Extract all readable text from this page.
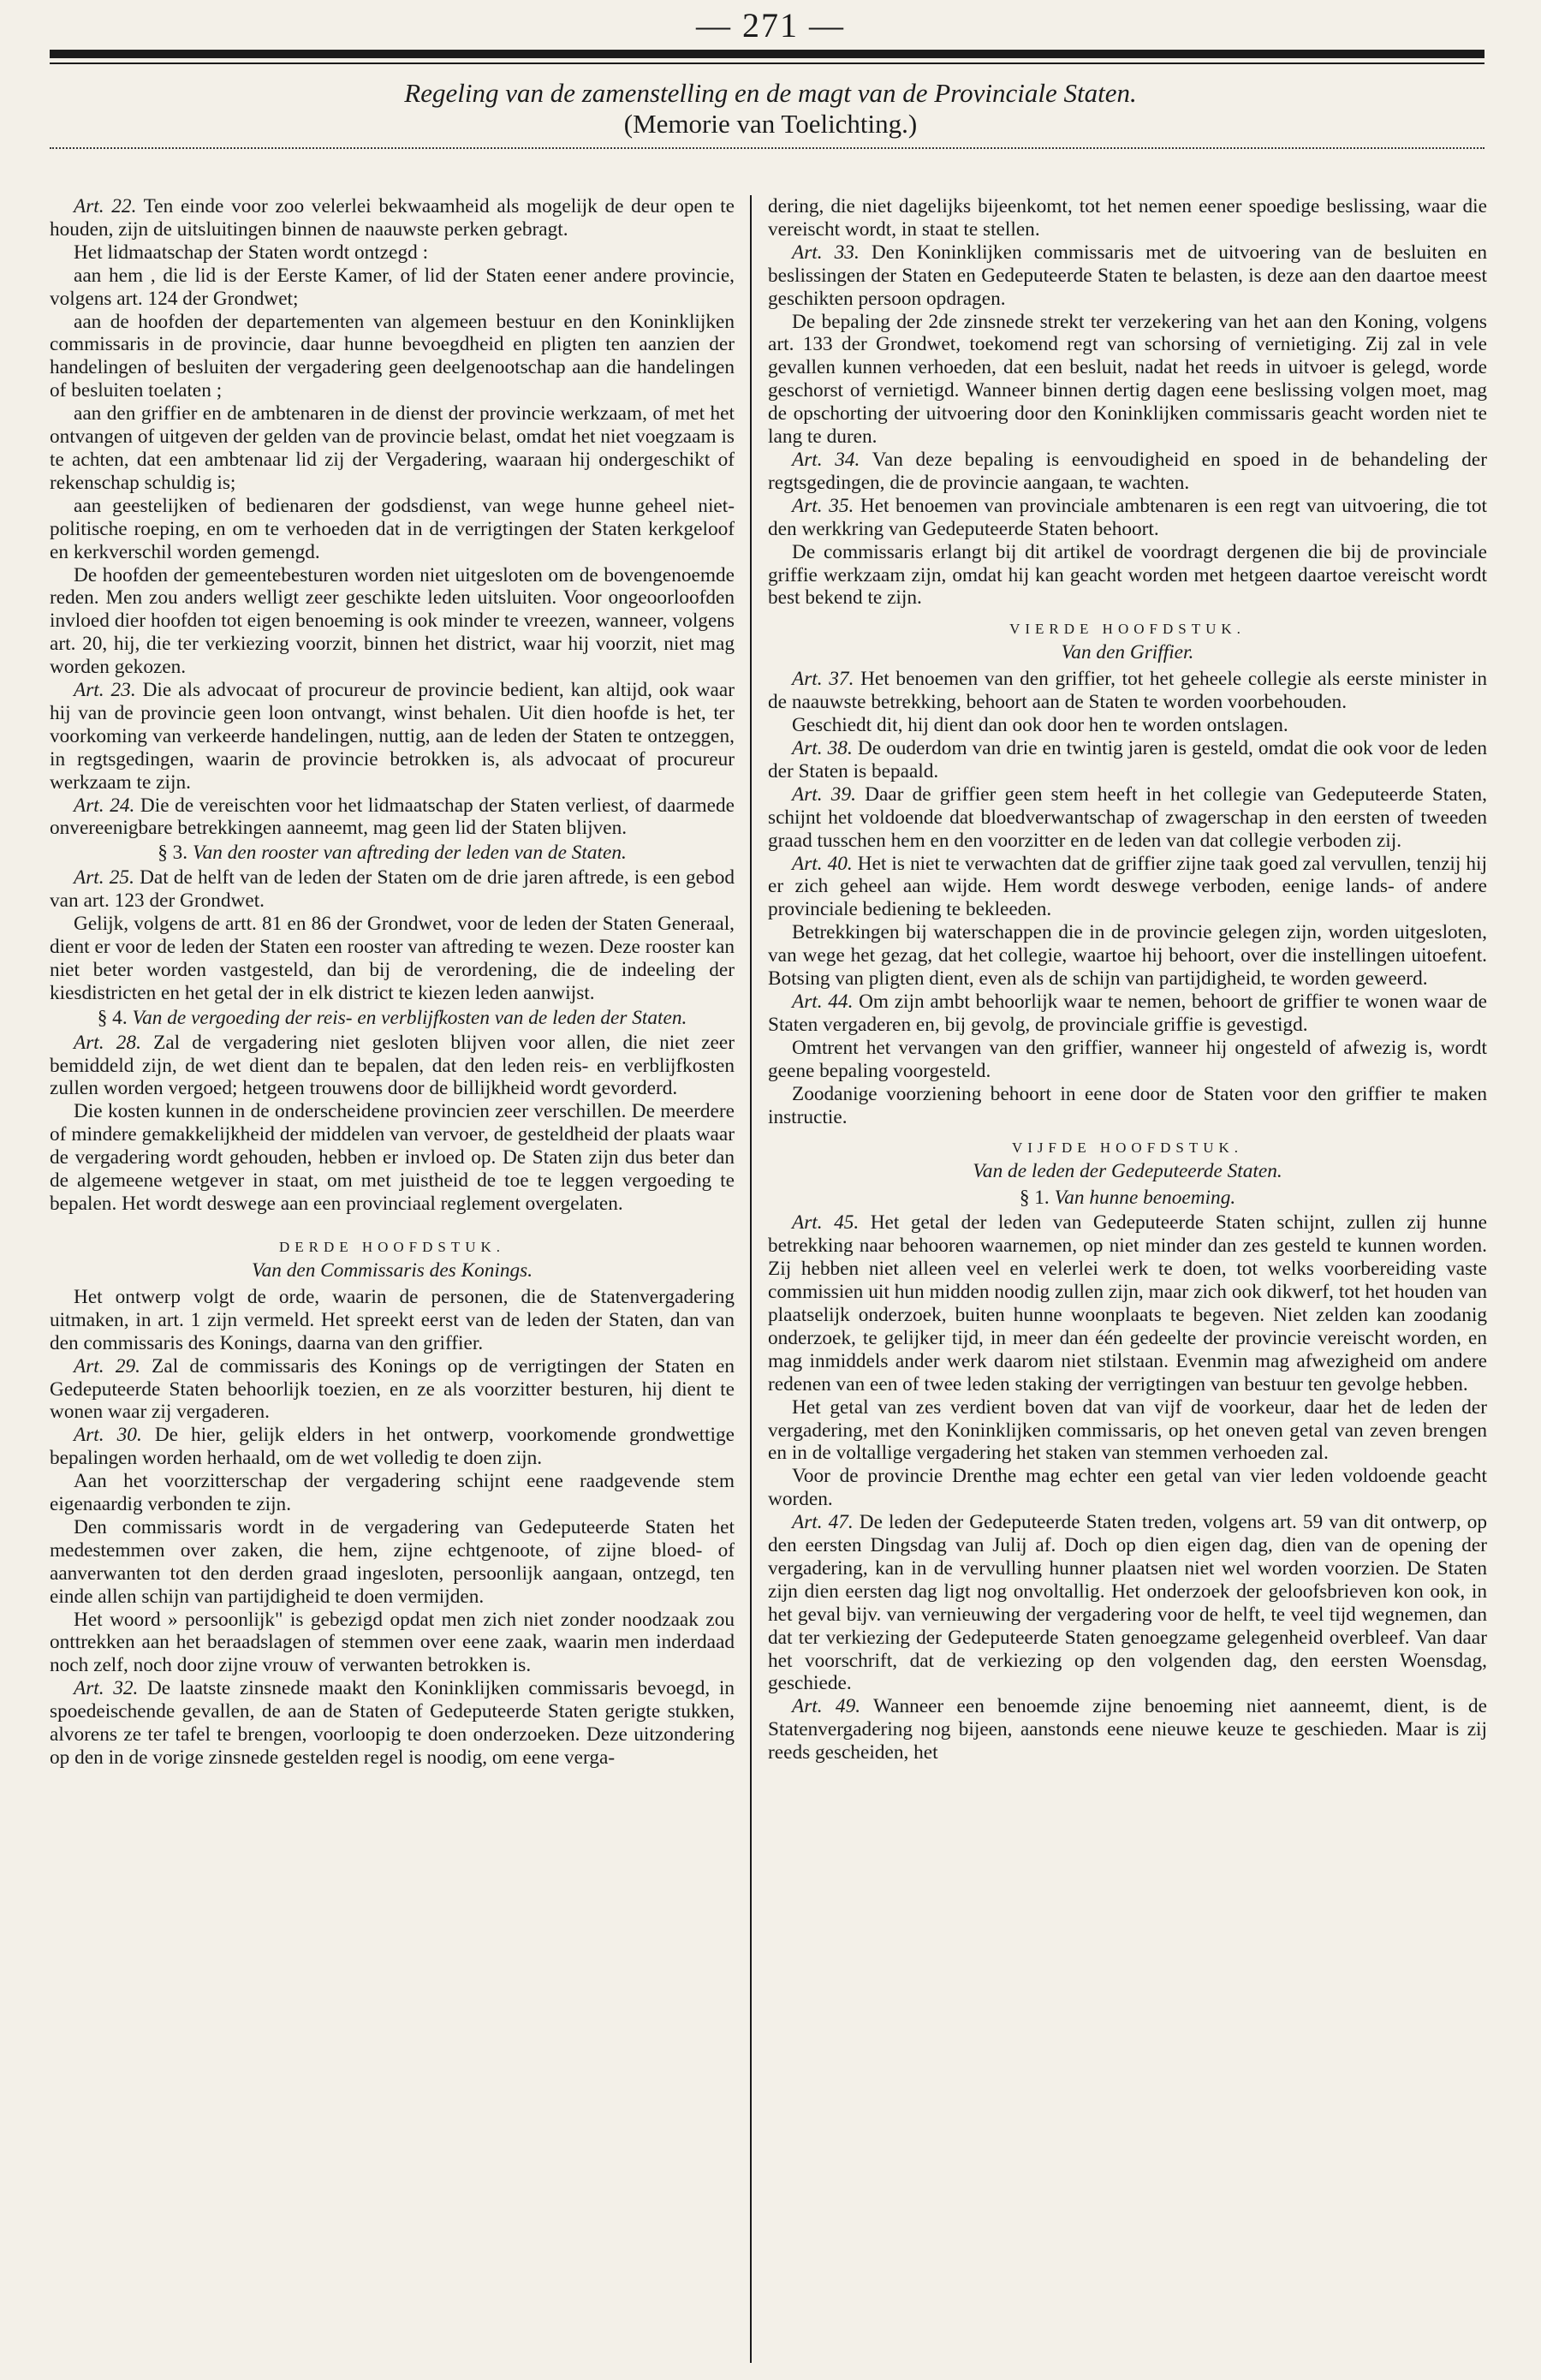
— 271 —
Regeling van de zamenstelling en de magt van de Provinciale Staten.
(Memorie van Toelichting.)

Art. 22. Ten einde voor zoo velerlei bekwaamheid als mogelijk de deur open te houden, zijn de uitsluitingen binnen de naauwste perken gebragt.

Het lidmaatschap der Staten wordt ontzegd :

aan hem , die lid is der Eerste Kamer, of lid der Staten eener andere provincie, volgens art. 124 der Grondwet;

aan de hoofden der departementen van algemeen bestuur en den Koninklijken commissaris in de provincie, daar hunne bevoegdheid en pligten ten aanzien der handelingen of besluiten der vergadering geen deelgenootschap aan die handelingen of besluiten toelaten ;

aan den griffier en de ambtenaren in de dienst der provincie werkzaam, of met het ontvangen of uitgeven der gelden van de provincie belast, omdat het niet voegzaam is te achten, dat een ambtenaar lid zij der Vergadering, waaraan hij ondergeschikt of rekenschap schuldig is;

aan geestelijken of bedienaren der godsdienst, van wege hunne geheel niet-politische roeping, en om te verhoeden dat in de verrigtingen der Staten kerkgeloof en kerkverschil worden gemengd.

De hoofden der gemeentebesturen worden niet uitgesloten om de bovengenoemde reden. Men zou anders welligt zeer geschikte leden uitsluiten. Voor ongeoorloofden invloed dier hoofden tot eigen benoeming is ook minder te vreezen, wanneer, volgens art. 20, hij, die ter verkiezing voorzit, binnen het district, waar hij voorzit, niet mag worden gekozen.

Art. 23. Die als advocaat of procureur de provincie bedient, kan altijd, ook waar hij van de provincie geen loon ontvangt, winst behalen. Uit dien hoofde is het, ter voorkoming van verkeerde handelingen, nuttig, aan de leden der Staten te ontzeggen, in regtsgedingen, waarin de provincie betrokken is, als advocaat of procureur werkzaam te zijn.

Art. 24. Die de vereischten voor het lidmaatschap der Staten verliest, of daarmede onvereenigbare betrekkingen aanneemt, mag geen lid der Staten blijven.

§ 3. Van den rooster van aftreding der leden van de Staten.

Art. 25. Dat de helft van de leden der Staten om de drie jaren aftrede, is een gebod van art. 123 der Grondwet.

Gelijk, volgens de artt. 81 en 86 der Grondwet, voor de leden der Staten Generaal, dient er voor de leden der Staten een rooster van aftreding te wezen. Deze rooster kan niet beter worden vastgesteld, dan bij de verordening, die de indeeling der kiesdistricten en het getal der in elk district te kiezen leden aanwijst.

§ 4. Van de vergoeding der reis- en verblijfkosten van de leden der Staten.

Art. 28. Zal de vergadering niet gesloten blijven voor allen, die niet zeer bemiddeld zijn, de wet dient dan te bepalen, dat den leden reis- en verblijfkosten zullen worden vergoed; hetgeen trouwens door de billijkheid wordt gevorderd.

Die kosten kunnen in de onderscheidene provincien zeer verschillen. De meerdere of mindere gemakkelijkheid der middelen van vervoer, de gesteldheid der plaats waar de vergadering wordt gehouden, hebben er invloed op. De Staten zijn dus beter dan de algemeene wetgever in staat, om met juistheid de toe te leggen vergoeding te bepalen. Het wordt deswege aan een provinciaal reglement overgelaten.

DERDE HOOFDSTUK.
Van den Commissaris des Konings.

Het ontwerp volgt de orde, waarin de personen, die de Statenvergadering uitmaken, in art. 1 zijn vermeld. Het spreekt eerst van de leden der Staten, dan van den commissaris des Konings, daarna van den griffier.

Art. 29. Zal de commissaris des Konings op de verrigtingen der Staten en Gedeputeerde Staten behoorlijk toezien, en ze als voorzitter besturen, hij dient te wonen waar zij vergaderen.

Art. 30. De hier, gelijk elders in het ontwerp, voorkomende grondwettige bepalingen worden herhaald, om de wet volledig te doen zijn.

Aan het voorzitterschap der vergadering schijnt eene raadgevende stem eigenaardig verbonden te zijn.

Den commissaris wordt in de vergadering van Gedeputeerde Staten het medestemmen over zaken, die hem, zijne echtgenoote, of zijne bloed- of aanverwanten tot den derden graad ingesloten, persoonlijk aangaan, ontzegd, ten einde allen schijn van partijdigheid te doen vermijden.

Het woord » persoonlijk" is gebezigd opdat men zich niet zonder noodzaak zou onttrekken aan het beraadslagen of stemmen over eene zaak, waarin men inderdaad noch zelf, noch door zijne vrouw of verwanten betrokken is.

Art. 32. De laatste zinsnede maakt den Koninklijken commissaris bevoegd, in spoedeischende gevallen, de aan de Staten of Gedeputeerde Staten gerigte stukken, alvorens ze ter tafel te brengen, voorloopig te doen onderzoeken. Deze uitzondering op den in de vorige zinsnede gestelden regel is noodig, om eene verga-

dering, die niet dagelijks bijeenkomt, tot het nemen eener spoedige beslissing, waar die vereischt wordt, in staat te stellen.

Art. 33. Den Koninklijken commissaris met de uitvoering van de besluiten en beslissingen der Staten en Gedeputeerde Staten te belasten, is deze aan den daartoe meest geschikten persoon opdragen.

De bepaling der 2de zinsnede strekt ter verzekering van het aan den Koning, volgens art. 133 der Grondwet, toekomend regt van schorsing of vernietiging. Zij zal in vele gevallen kunnen verhoeden, dat een besluit, nadat het reeds in uitvoer is gelegd, worde geschorst of vernietigd. Wanneer binnen dertig dagen eene beslissing volgen moet, mag de opschorting der uitvoering door den Koninklijken commissaris geacht worden niet te lang te duren.

Art. 34. Van deze bepaling is eenvoudigheid en spoed in de behandeling der regtsgedingen, die de provincie aangaan, te wachten.

Art. 35. Het benoemen van provinciale ambtenaren is een regt van uitvoering, die tot den werkkring van Gedeputeerde Staten behoort.

De commissaris erlangt bij dit artikel de voordragt dergenen die bij de provinciale griffie werkzaam zijn, omdat hij kan geacht worden met hetgeen daartoe vereischt wordt best bekend te zijn.

VIERDE HOOFDSTUK.
Van den Griffier.

Art. 37. Het benoemen van den griffier, tot het geheele collegie als eerste minister in de naauwste betrekking, behoort aan de Staten te worden voorbehouden.

Geschiedt dit, hij dient dan ook door hen te worden ontslagen.

Art. 38. De ouderdom van drie en twintig jaren is gesteld, omdat die ook voor de leden der Staten is bepaald.

Art. 39. Daar de griffier geen stem heeft in het collegie van Gedeputeerde Staten, schijnt het voldoende dat bloedverwantschap of zwagerschap in den eersten of tweeden graad tusschen hem en den voorzitter en de leden van dat collegie verboden zij.

Art. 40. Het is niet te verwachten dat de griffier zijne taak goed zal vervullen, tenzij hij er zich geheel aan wijde. Hem wordt deswege verboden, eenige lands- of andere provinciale bediening te bekleeden.

Betrekkingen bij waterschappen die in de provincie gelegen zijn, worden uitgesloten, van wege het gezag, dat het collegie, waartoe hij behoort, over die instellingen uitoefent. Botsing van pligten dient, even als de schijn van partijdigheid, te worden geweerd.

Art. 44. Om zijn ambt behoorlijk waar te nemen, behoort de griffier te wonen waar de Staten vergaderen en, bij gevolg, de provinciale griffie is gevestigd.

Omtrent het vervangen van den griffier, wanneer hij ongesteld of afwezig is, wordt geene bepaling voorgesteld.

Zoodanige voorziening behoort in eene door de Staten voor den griffier te maken instructie.

VIJFDE HOOFDSTUK.
Van de leden der Gedeputeerde Staten.
§ 1. Van hunne benoeming.

Art. 45. Het getal der leden van Gedeputeerde Staten schijnt, zullen zij hunne betrekking naar behooren waarnemen, op niet minder dan zes gesteld te kunnen worden. Zij hebben niet alleen veel en velerlei werk te doen, tot welks voorbereiding vaste commissien uit hun midden noodig zullen zijn, maar zich ook dikwerf, tot het houden van plaatselijk onderzoek, buiten hunne woonplaats te begeven. Niet zelden kan zoodanig onderzoek, te gelijker tijd, in meer dan één gedeelte der provincie vereischt worden, en mag inmiddels ander werk daarom niet stilstaan. Evenmin mag afwezigheid om andere redenen van een of twee leden staking der verrigtingen van bestuur ten gevolge hebben.

Het getal van zes verdient boven dat van vijf de voorkeur, daar het de leden der vergadering, met den Koninklijken commissaris, op het oneven getal van zeven brengen en in de voltallige vergadering het staken van stemmen verhoeden zal.

Voor de provincie Drenthe mag echter een getal van vier leden voldoende geacht worden.

Art. 47. De leden der Gedeputeerde Staten treden, volgens art. 59 van dit ontwerp, op den eersten Dingsdag van Julij af. Doch op dien eigen dag, dien van de opening der vergadering, kan in de vervulling hunner plaatsen niet wel worden voorzien. De Staten zijn dien eersten dag ligt nog onvoltallig. Het onderzoek der geloofsbrieven kon ook, in het geval bijv. van vernieuwing der vergadering voor de helft, te veel tijd wegnemen, dan dat ter verkiezing der Gedeputeerde Staten genoegzame gelegenheid overbleef. Van daar het voorschrift, dat de verkiezing op den volgenden dag, den eersten Woensdag, geschiede.

Art. 49. Wanneer een benoemde zijne benoeming niet aanneemt, dient, is de Statenvergadering nog bijeen, aanstonds eene nieuwe keuze te geschieden. Maar is zij reeds gescheiden, het
